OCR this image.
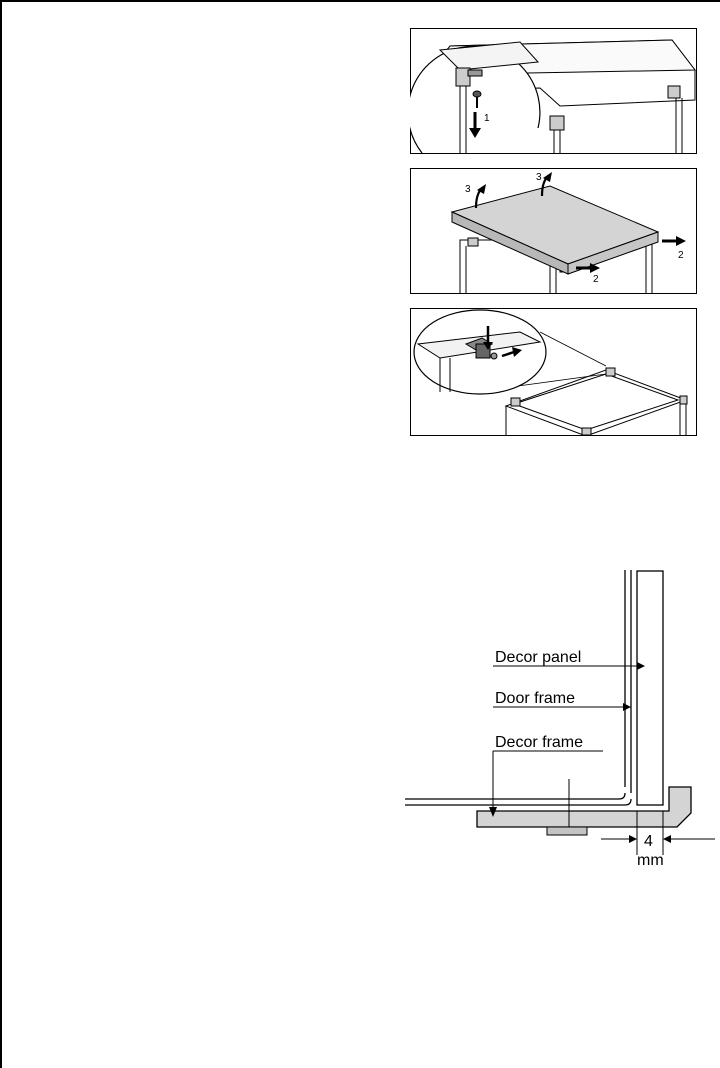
1
3
3
2
2
Decor panel
Door frame
Decor frame
4
mm
